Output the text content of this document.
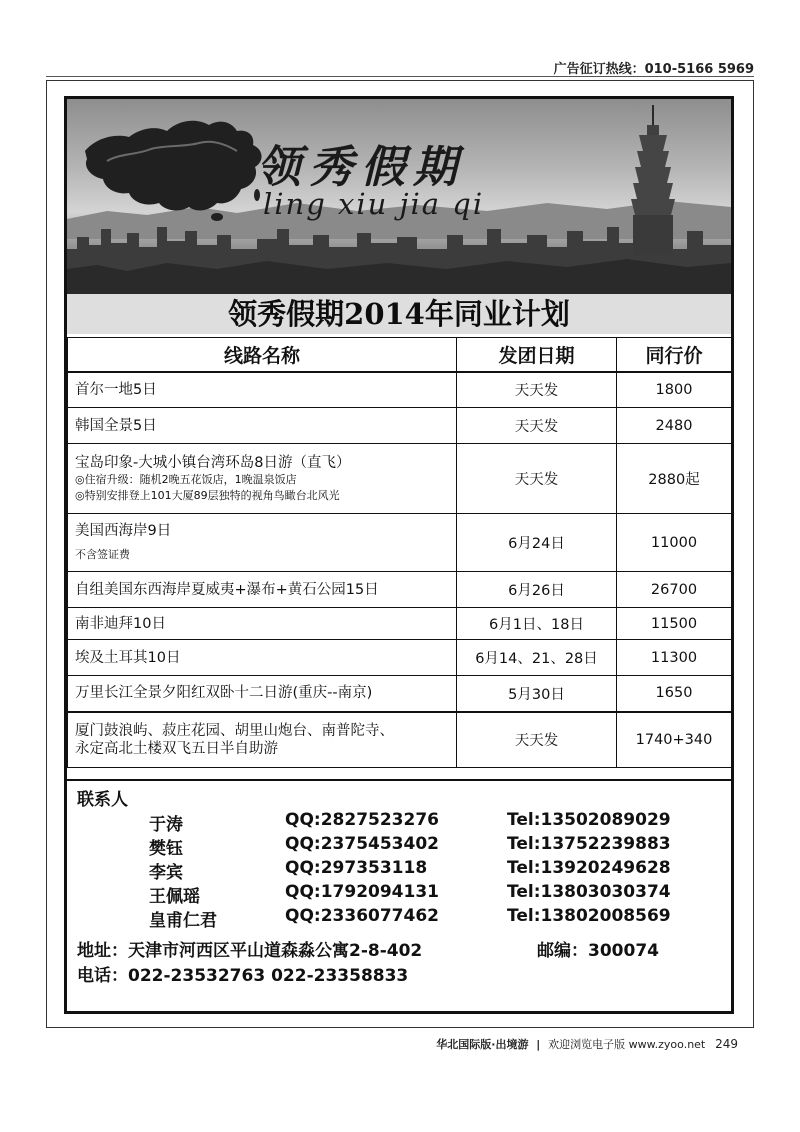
广告征订热线：010-5166 5969
领秀假期
ling xiu jia qi
领秀假期2014年同业计划
线路名称	发团日期	同行价
首尔一地5日	天天发	1800
韩国全景5日	天天发	2480

宝岛印象-大城小镇台湾环岛8日游（直飞）
◎住宿升级：随机2晚五花饭店，1晚温泉饭店
◎特别安排登上101大厦89层独特的视角鸟瞰台北风光	天天发	2880起

美国西海岸9日
不含签证费	6月24日	11000
自组美国东西海岸夏威夷+瀑布+黄石公园15日	6月26日	26700
南非迪拜10日	6月1日、18日	11500
埃及土耳其10日	6月14、21、28日	11300
万里长江全景夕阳红双卧十二日游(重庆--南京)	5月30日	1650

厦门鼓浪屿、菽庄花园、胡里山炮台、南普陀寺、
永定高北土楼双飞五日半自助游	天天发	1740+340
联系人
于涛	QQ:2827523276	Tel:13502089029
樊钰	QQ:2375453402	Tel:13752239883
李宾	QQ:297353118	Tel:13920249628
王佩瑶	QQ:1792094131	Tel:13803030374
皇甫仁君	QQ:2336077462	Tel:13802008569
地址：天津市河西区平山道森淼公寓2-8-402	邮编：300074
电话：022-23532763 022-23358833
华北国际版·出境游 | 欢迎浏览电子版 www.zyoo.net 249
